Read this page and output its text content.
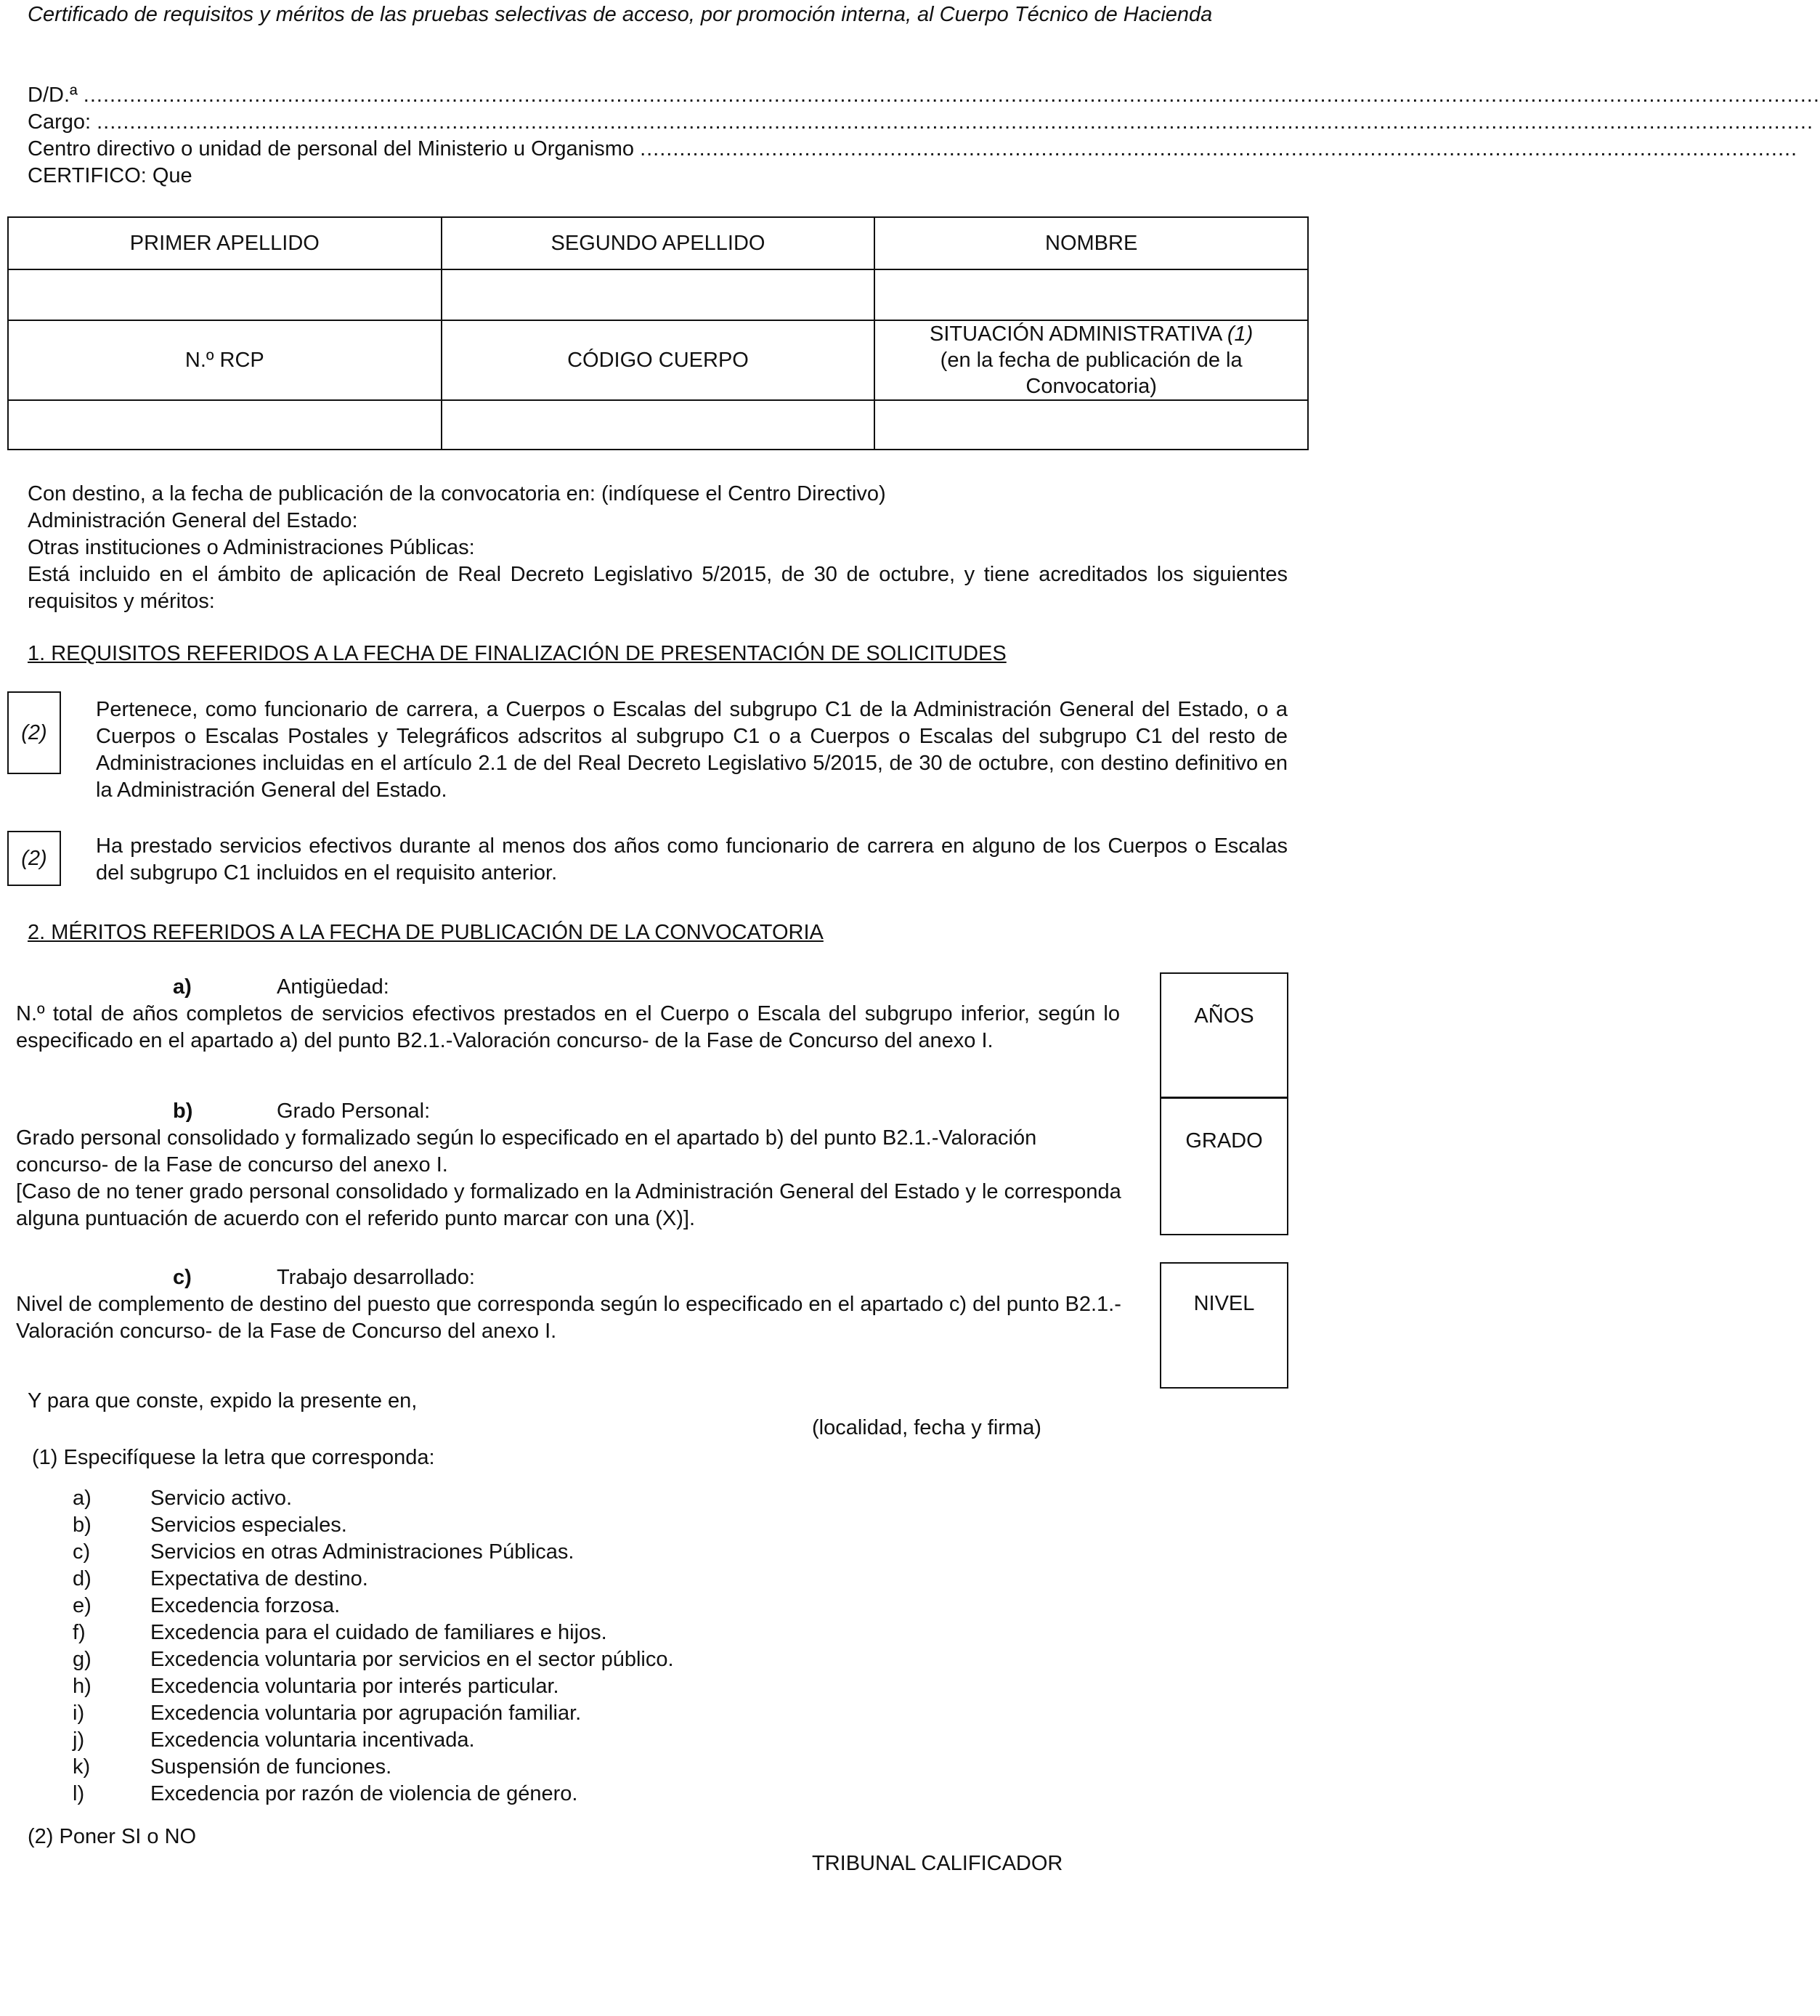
Certificado de requisitos y méritos de las pruebas selectivas de acceso, por promoción interna, al Cuerpo Técnico de Hacienda
D/D.ª ........................................................................................................................................................................................................................................................................
Cargo: .....................................................................................................................................................................................................................................................................
Centro directivo o unidad de personal del Ministerio u Organismo ................................................................................................................................................................................
CERTIFICO: Que
PRIMER APELLIDO	SEGUNDO APELLIDO	NOMBRE

N.º RCP	CÓDIGO CUERPO	SITUACIÓN ADMINISTRATIVA (1)
(en la fecha de publicación de la Convocatoria)

Con destino, a la fecha de publicación de la convocatoria en: (indíquese el Centro Directivo)
Administración General del Estado:
Otras instituciones o Administraciones Públicas:
Está incluido en el ámbito de aplicación de Real Decreto Legislativo 5/2015, de 30 de octubre, y tiene acreditados los siguientes requisitos y méritos:
1. REQUISITOS REFERIDOS A LA FECHA DE FINALIZACIÓN DE PRESENTACIÓN DE SOLICITUDES
(2)
Pertenece, como funcionario de carrera, a Cuerpos o Escalas del subgrupo C1 de la Administración General del Estado, o a Cuerpos o Escalas Postales y Telegráficos adscritos al subgrupo C1 o a Cuerpos o Escalas del subgrupo C1 del resto de Administraciones incluidas en el artículo 2.1 de del Real Decreto Legislativo 5/2015, de 30 de octubre, con destino definitivo en la Administración General del Estado.
(2)
Ha prestado servicios efectivos durante al menos dos años como funcionario de carrera en alguno de los Cuerpos o Escalas del subgrupo C1 incluidos en el requisito anterior.
2. MÉRITOS REFERIDOS A LA FECHA DE PUBLICACIÓN DE LA CONVOCATORIA
a)	Antigüedad:
N.º total de años completos de servicios efectivos prestados en el Cuerpo o Escala del subgrupo inferior, según lo especificado en el apartado a) del punto B2.1.-Valoración concurso- de la Fase de Concurso del anexo I.
AÑOS
b)	Grado Personal:
Grado personal consolidado y formalizado según lo especificado en el apartado b) del punto B2.1.-Valoración concurso- de la Fase de concurso del anexo I.
[Caso de no tener grado personal consolidado y formalizado en la Administración General del Estado y le corresponda alguna puntuación de acuerdo con el referido punto marcar con una (X)].
GRADO
c)	Trabajo desarrollado:
Nivel de complemento de destino del puesto que corresponda según lo especificado en el apartado c) del punto B2.1.-Valoración concurso- de la Fase de Concurso del anexo I.
NIVEL
Y para que conste, expido la presente en,
(localidad, fecha y firma)
(1) Especifíquese la letra que corresponda:
a)	Servicio activo.
b)	Servicios especiales.
c)	Servicios en otras Administraciones Públicas.
d)	Expectativa de destino.
e)	Excedencia forzosa.
f)	Excedencia para el cuidado de familiares e hijos.
g)	Excedencia voluntaria por servicios en el sector público.
h)	Excedencia voluntaria por interés particular.
i)	Excedencia voluntaria por agrupación familiar.
j)	Excedencia voluntaria incentivada.
k)	Suspensión de funciones.
l)	Excedencia por razón de violencia de género.
(2) Poner SI o NO
TRIBUNAL CALIFICADOR
